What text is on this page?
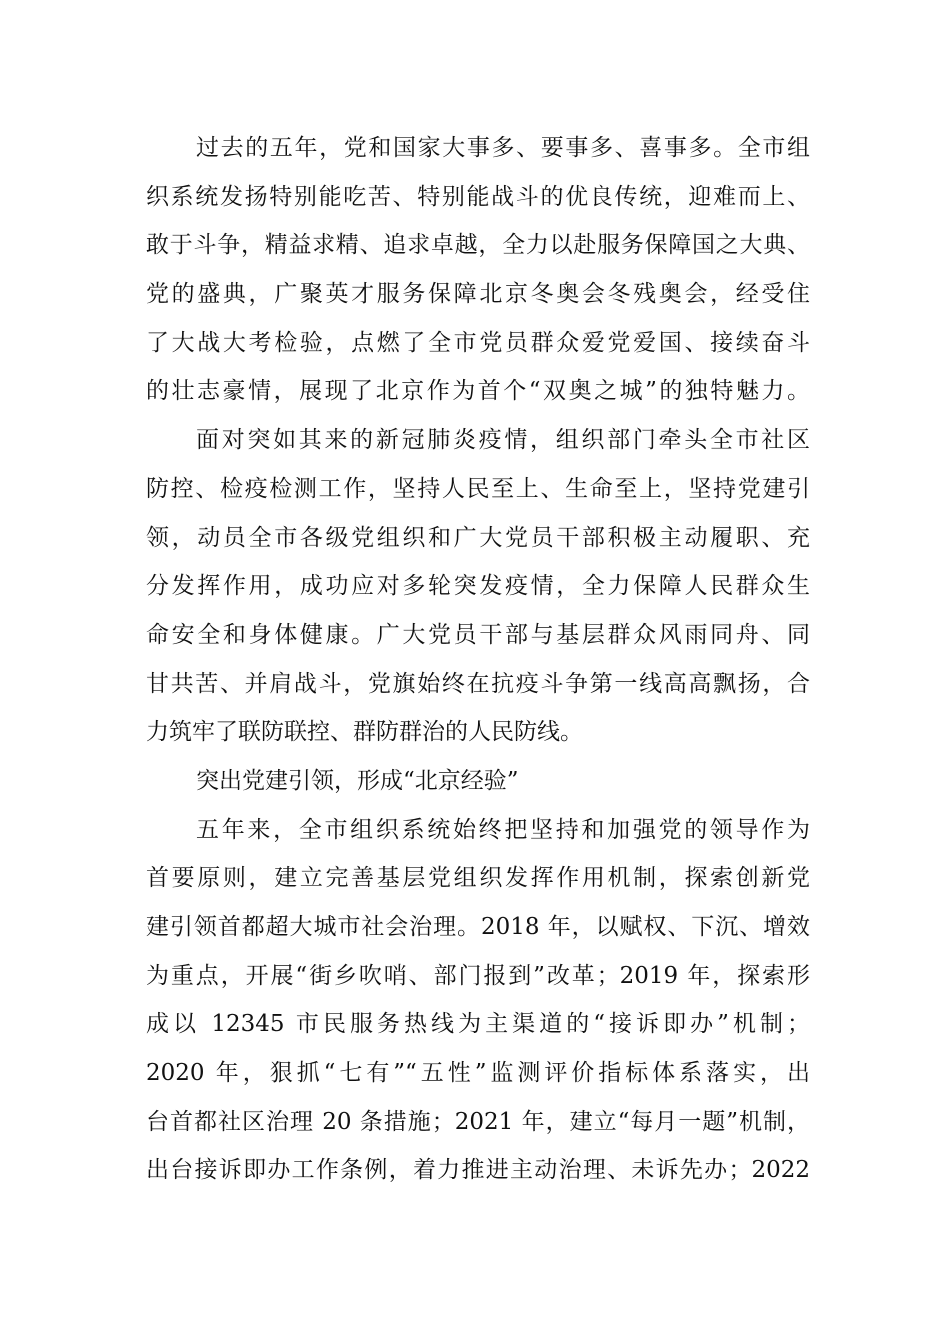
过去的五年，党和国家大事多、要事多、喜事多。全市组
织系统发扬特别能吃苦、特别能战斗的优良传统，迎难而上、
敢于斗争，精益求精、追求卓越，全力以赴服务保障国之大典、
党的盛典，广聚英才服务保障北京冬奥会冬残奥会，经受住
了大战大考检验，点燃了全市党员群众爱党爱国、接续奋斗
的壮志豪情，展现了北京作为首个“双奥之城”的独特魅力。
面对突如其来的新冠肺炎疫情，组织部门牵头全市社区
防控、检疫检测工作，坚持人民至上、生命至上，坚持党建引
领，动员全市各级党组织和广大党员干部积极主动履职、充
分发挥作用，成功应对多轮突发疫情，全力保障人民群众生
命安全和身体健康。广大党员干部与基层群众风雨同舟、同
甘共苦、并肩战斗，党旗始终在抗疫斗争第一线高高飘扬，合
力筑牢了联防联控、群防群治的人民防线。
突出党建引领，形成“北京经验”
五年来，全市组织系统始终把坚持和加强党的领导作为
首要原则，建立完善基层党组织发挥作用机制，探索创新党
建引领首都超大城市社会治理。2018 年，以赋权、下沉、增效
为重点，开展“街乡吹哨、部门报到”改革；2019 年，探索形
成以 12345 市民服务热线为主渠道的“接诉即办”机制；
2020 年，狠抓“七有”“五性”监测评价指标体系落实，出
台首都社区治理 20 条措施；2021 年，建立“每月一题”机制，
出台接诉即办工作条例，着力推进主动治理、未诉先办；2022
